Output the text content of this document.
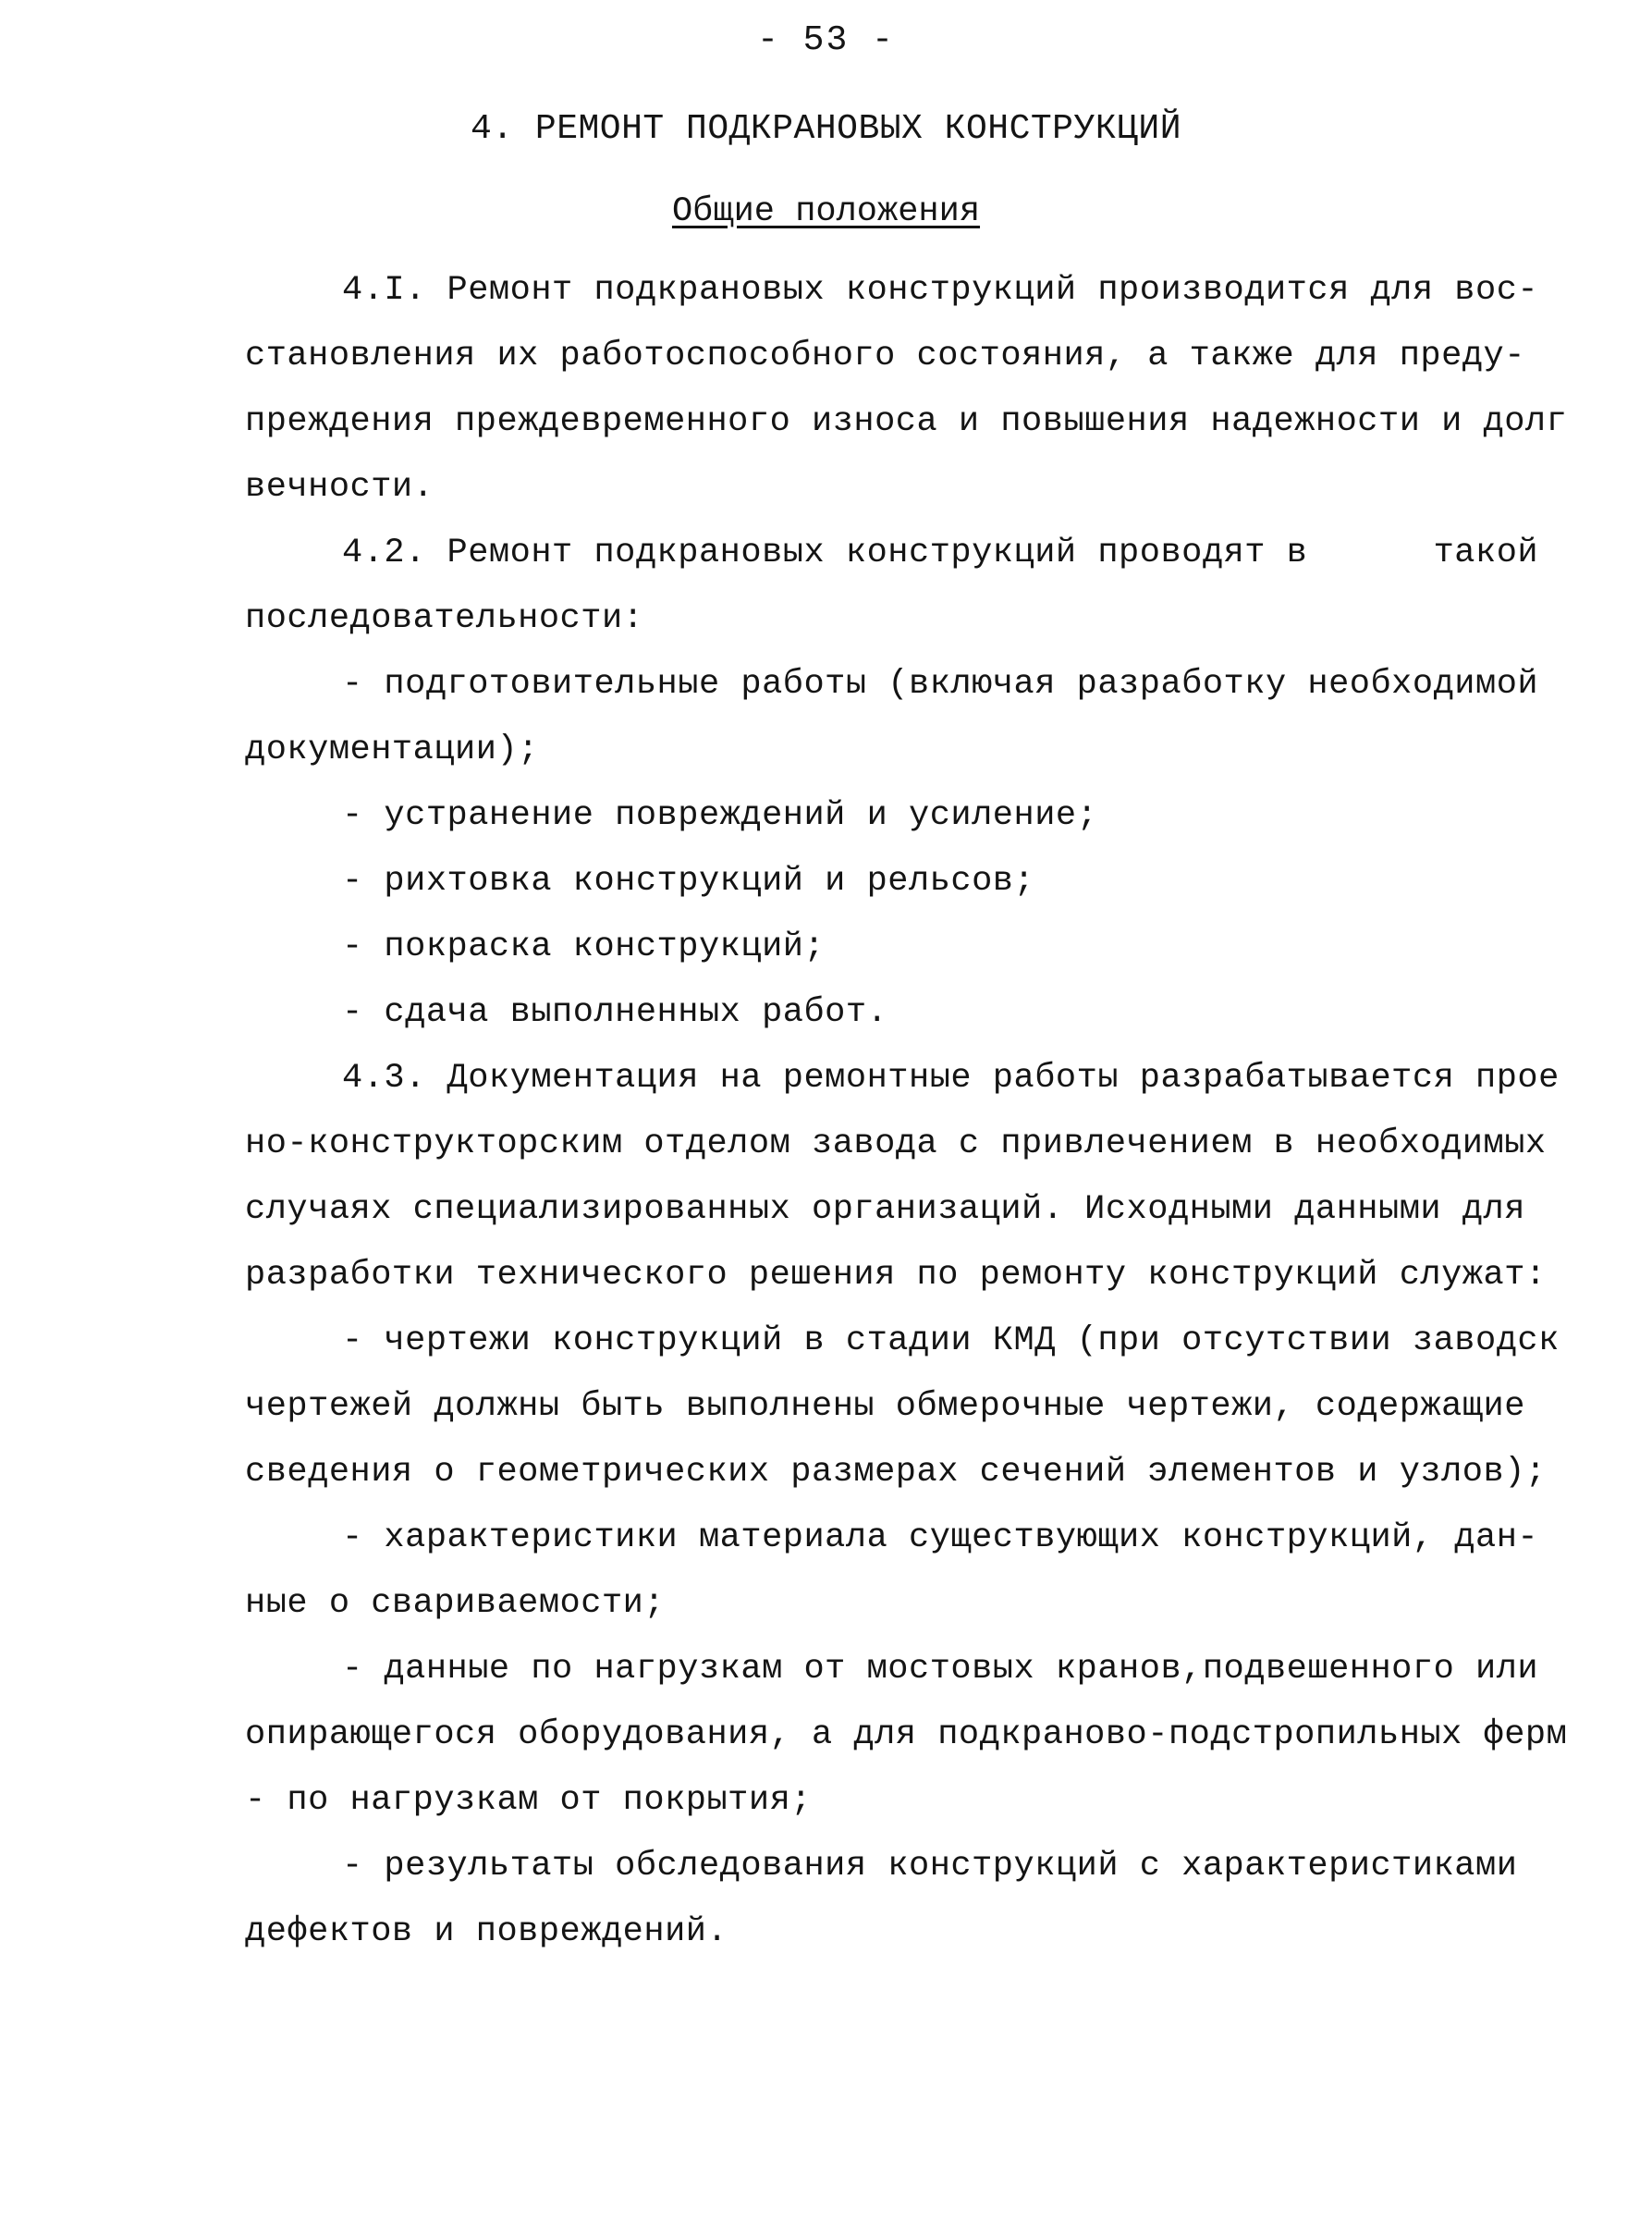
- 53 -
4. РЕМОНТ ПОДКРАНОВЫХ КОНСТРУКЦИЙ
Общие положения
4.I. Ремонт подкрановых конструкций производится для вос-
становления их работоспособного состояния, а также для преду-
преждения преждевременного износа и повышения надежности и долг
вечности.
4.2. Ремонт подкрановых конструкций проводят в      такой
последовательности:
- подготовительные работы (включая разработку необходимой
документации);
- устранение повреждений и усиление;
- рихтовка конструкций и рельсов;
- покраска конструкций;
- сдача выполненных работ.
4.3. Документация на ремонтные работы разрабатывается прое
но-конструкторским отделом завода с привлечением в необходимых
случаях специализированных организаций. Исходными данными для
разработки технического решения по ремонту конструкций служат:
- чертежи конструкций в стадии КМД (при отсутствии заводск
чертежей должны быть выполнены обмерочные чертежи, содержащие
сведения о геометрических размерах сечений элементов и узлов);
- характеристики материала существующих конструкций, дан-
ные о свариваемости;
- данные по нагрузкам от мостовых кранов,подвешенного или
опирающегося оборудования, а для подкраново-подстропильных ферм
- по нагрузкам от покрытия;
- результаты обследования конструкций с характеристиками
дефектов и повреждений.
